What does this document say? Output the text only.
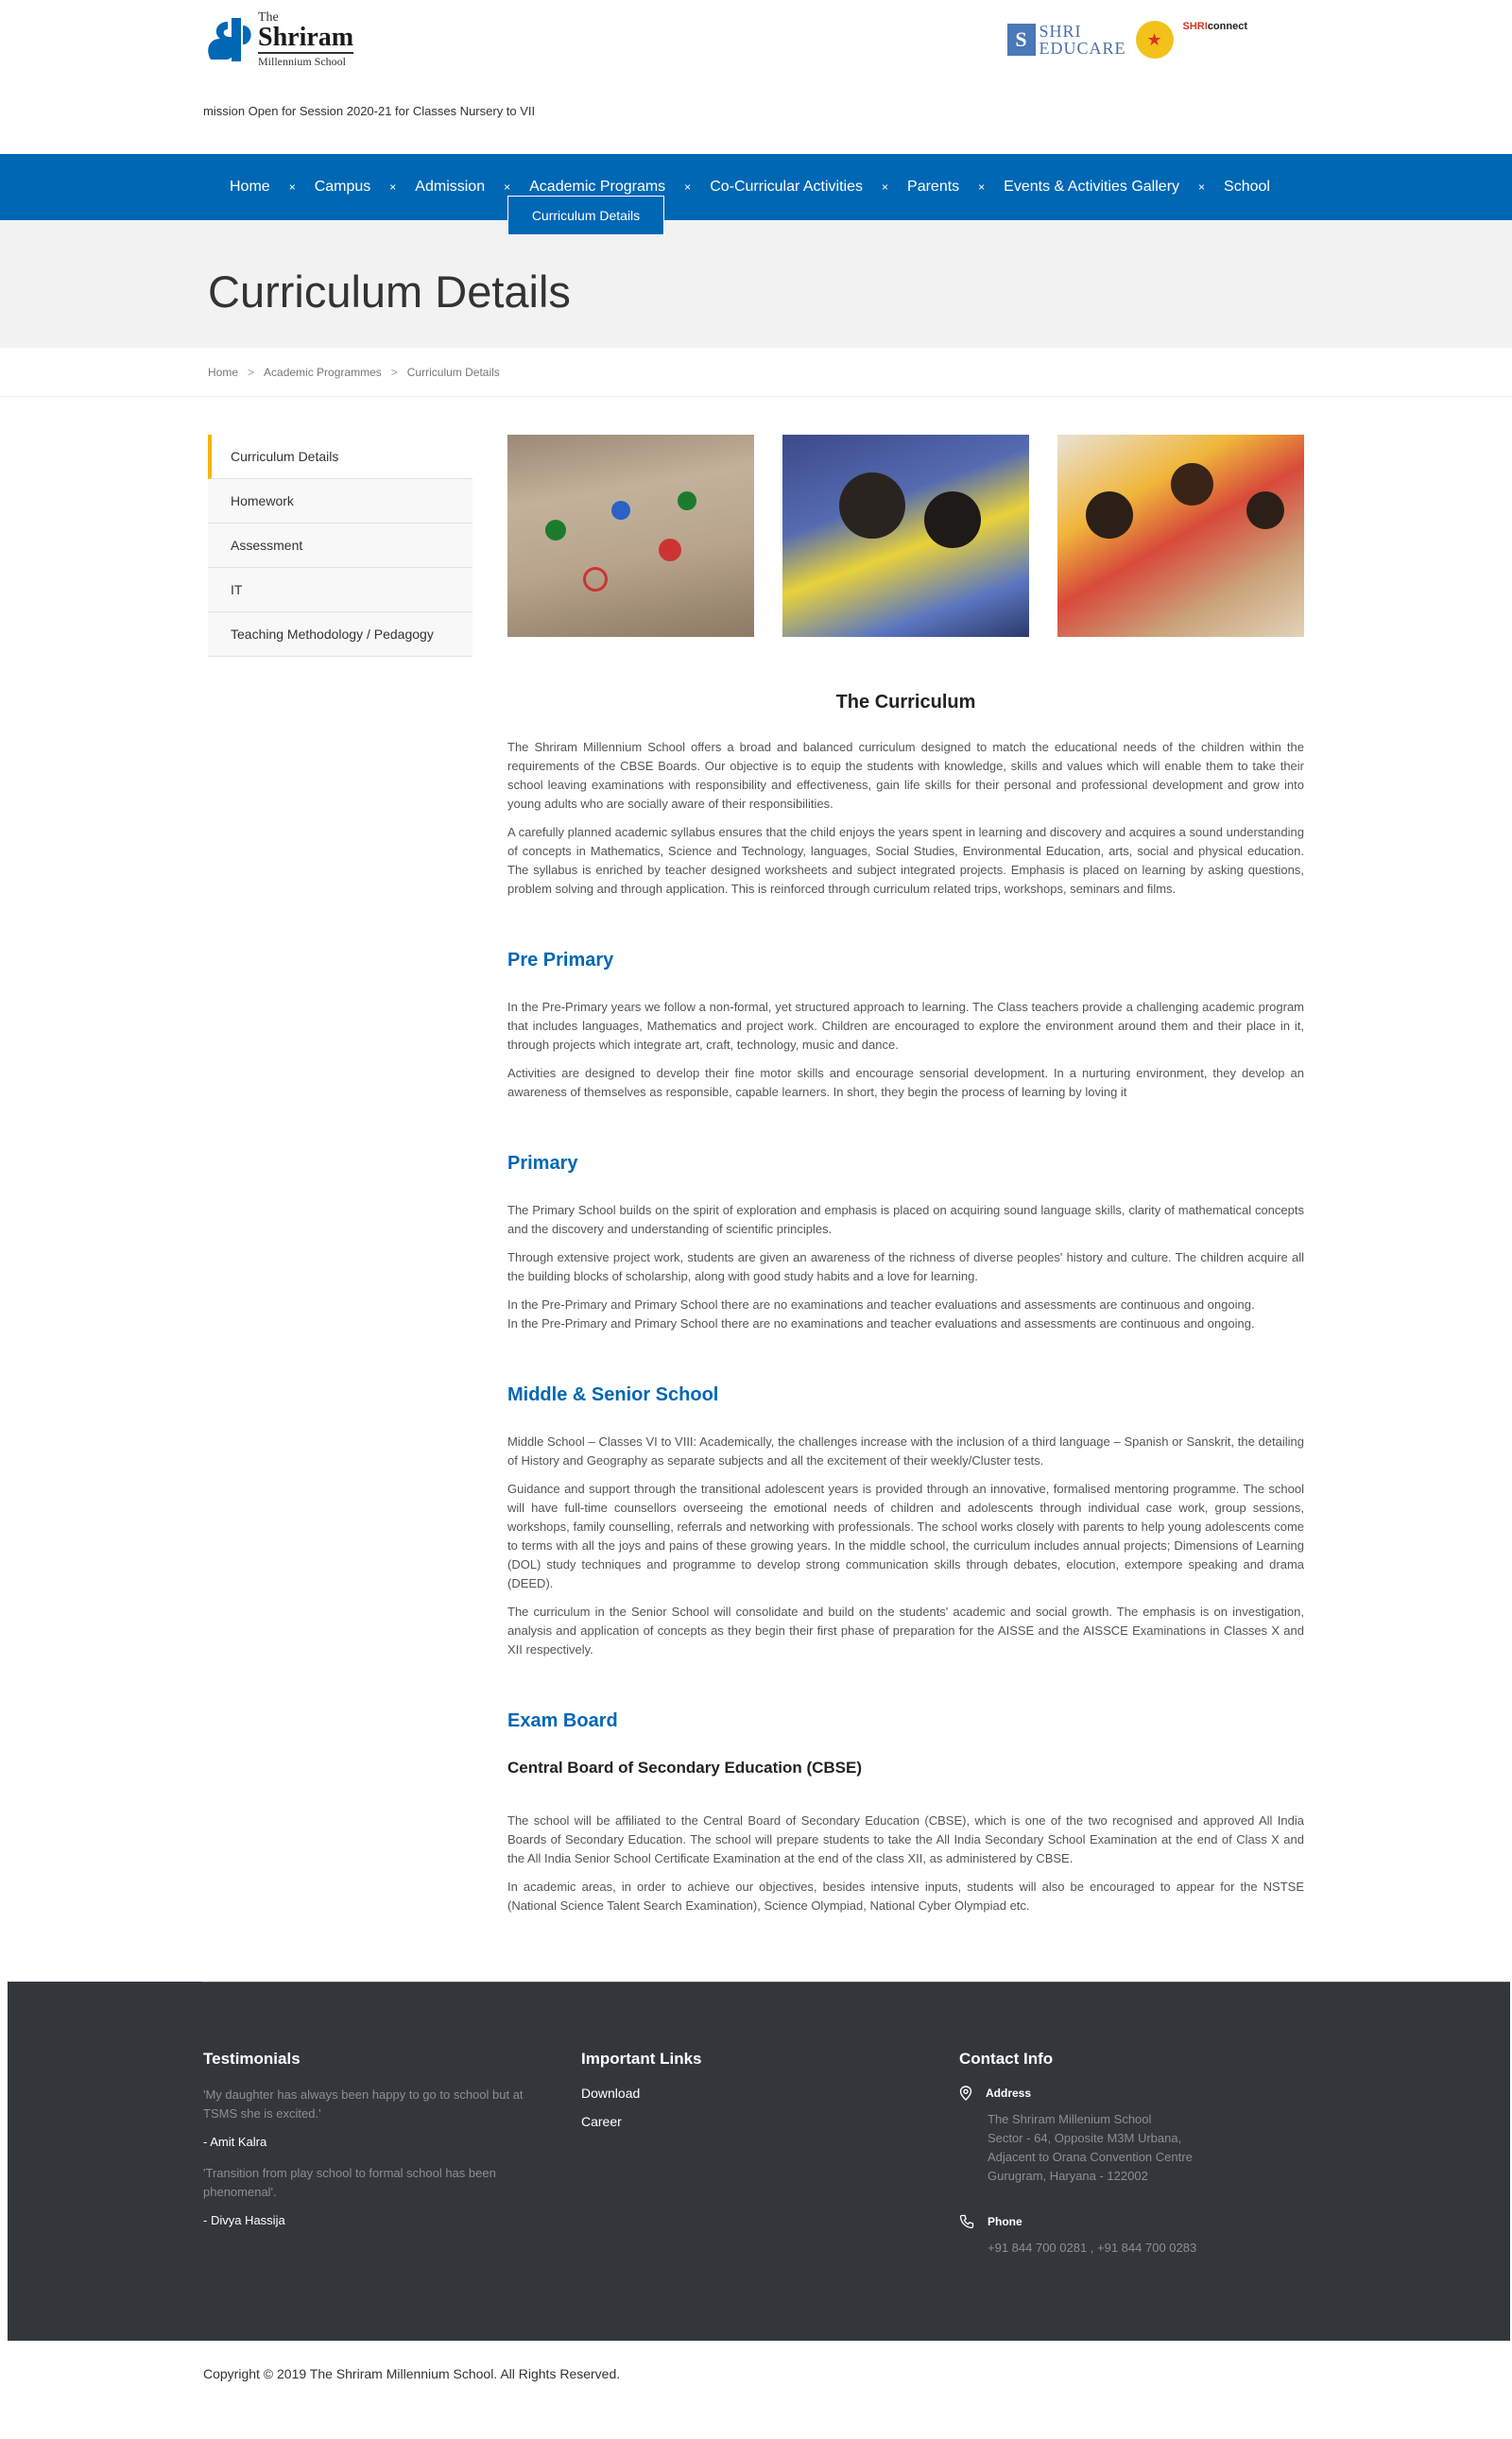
The
Shriram
Millennium School
S SHRI
EDUCARE	★
SHRIconnect
mission Open for Session 2020-21 for Classes Nursery to VII
Home × Campus × Admission × Academic Programs × Co-Curricular Activities × Parents × Events & Activities Gallery × School
Curriculum Details
Curriculum Details
Home > Academic Programmes > Curriculum Details
Curriculum Details
Homework
Assessment
IT
Teaching Methodology / Pedagogy
The Curriculum

The Shriram Millennium School offers a broad and balanced curriculum designed to match the educational needs of the children within the requirements of the CBSE Boards. Our objective is to equip the students with knowledge, skills and values which will enable them to take their school leaving examinations with responsibility and effectiveness, gain life skills for their personal and professional development and grow into young adults who are socially aware of their responsibilities.

A carefully planned academic syllabus ensures that the child enjoys the years spent in learning and discovery and acquires a sound understanding of concepts in Mathematics, Science and Technology, languages, Social Studies, Environmental Education, arts, social and physical education. The syllabus is enriched by teacher designed worksheets and subject integrated projects. Emphasis is placed on learning by asking questions, problem solving and through application. This is reinforced through curriculum related trips, workshops, seminars and films.

Pre Primary

In the Pre-Primary years we follow a non-formal, yet structured approach to learning. The Class teachers provide a challenging academic program that includes languages, Mathematics and project work. Children are encouraged to explore the environment around them and their place in it, through projects which integrate art, craft, technology, music and dance.

Activities are designed to develop their fine motor skills and encourage sensorial development. In a nurturing environment, they develop an awareness of themselves as responsible, capable learners. In short, they begin the process of learning by loving it

Primary

The Primary School builds on the spirit of exploration and emphasis is placed on acquiring sound language skills, clarity of mathematical concepts and the discovery and understanding of scientific principles.

Through extensive project work, students are given an awareness of the richness of diverse peoples' history and culture. The children acquire all the building blocks of scholarship, along with good study habits and a love for learning.

In the Pre-Primary and Primary School there are no examinations and teacher evaluations and assessments are continuous and ongoing.

In the Pre-Primary and Primary School there are no examinations and teacher evaluations and assessments are continuous and ongoing.

Middle & Senior School

Middle School – Classes VI to VIII: Academically, the challenges increase with the inclusion of a third language – Spanish or Sanskrit, the detailing of History and Geography as separate subjects and all the excitement of their weekly/Cluster tests.

Guidance and support through the transitional adolescent years is provided through an innovative, formalised mentoring programme. The school will have full-time counsellors overseeing the emotional needs of children and adolescents through individual case work, group sessions, workshops, family counselling, referrals and networking with professionals. The school works closely with parents to help young adolescents come to terms with all the joys and pains of these growing years. In the middle school, the curriculum includes annual projects; Dimensions of Learning (DOL) study techniques and programme to develop strong communication skills through debates, elocution, extempore speaking and drama (DEED).

The curriculum in the Senior School will consolidate and build on the students' academic and social growth. The emphasis is on investigation, analysis and application of concepts as they begin their first phase of preparation for the AISSE and the AISSCE Examinations in Classes X and XII respectively.

Exam Board
Central Board of Secondary Education (CBSE)

The school will be affiliated to the Central Board of Secondary Education (CBSE), which is one of the two recognised and approved All India Boards of Secondary Education. The school will prepare students to take the All India Secondary School Examination at the end of Class X and the All India Senior School Certificate Examination at the end of the class XII, as administered by CBSE.

In academic areas, in order to achieve our objectives, besides intensive inputs, students will also be encouraged to appear for the NSTSE (National Science Talent Search Examination), Science Olympiad, National Cyber Olympiad etc.

Testimonials
'My daughter has always been happy to go to school but at TSMS she is excited.'
- Amit Kalra
'Transition from play school to formal school has been phenomenal'.
- Divya Hassija
Important Links
Download
Career
Contact Info
Address
The Shriram Millenium School
Sector - 64, Opposite M3M Urbana,
Adjacent to Orana Convention Centre
Gurugram, Haryana - 122002
Phone
+91 844 700 0281 , +91 844 700 0283
Copyright © 2019 The Shriram Millennium School. All Rights Reserved.
